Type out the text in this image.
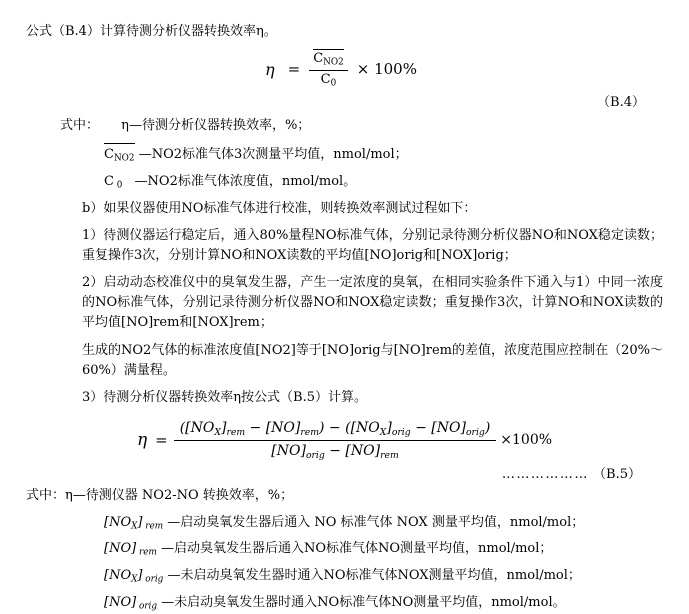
公式（B.4）计算待测分析仪器转换效率η。

$\eta = \frac{C_{NO2}}{C_0} \times 100\%$
（B.4）

式中： η—待测分析仪器转换效率，%；

$C_{NO2}$ —NO2标准气体3次测量平均值，nmol/mol；

C $_0$ —NO2标准气体浓度值，nmol/mol。

b）如果仪器使用NO标准气体进行校准，则转换效率测试过程如下：

1）待测仪器运行稳定后，通入80%量程NO标准气体，分别记录待测分析仪器NO和NOX稳定读数；重复操作3次，分别计算NO和NOX读数的平均值[NO]orig和[NOX]orig；

2）启动动态校准仪中的臭氧发生器，产生一定浓度的臭氧，在相同实验条件下通入与1）中同一浓度的NO标准气体，分别记录待测分析仪器NO和NOX稳定读数；重复操作3次，计算NO和NOX读数的平均值[NO]rem和[NOX]rem；

生成的NO2气体的标准浓度值[NO2]等于[NO]orig与[NO]rem的差值，浓度范围应控制在（20%～60%）满量程。

3）待测分析仪器转换效率η按公式（B.5）计算。

$\eta = \frac{\text{([NOX]rem − [NO]rem) − ([NOX]orig − [NO]orig)}}{\text{[NO]orig − [NO]rem}} \times 100\%$
……………… （B.5）

式中：η—待测仪器 NO2-NO 转换效率，%；

$[NO_X]$ $_{rem}$ —启动臭氧发生器后通入 NO 标准气体 NOX 测量平均值，nmol/mol；

[NO] $_{rem}$ —启动臭氧发生器后通入NO标准气体NO测量平均值，nmol/mol；

$[NO_X]$ $_{orig}$ —未启动臭氧发生器时通入NO标准气体NOX测量平均值，nmol/mol；

[NO] $_{orig}$ —未启动臭氧发生器时通入NO标准气体NO测量平均值，nmol/mol。
